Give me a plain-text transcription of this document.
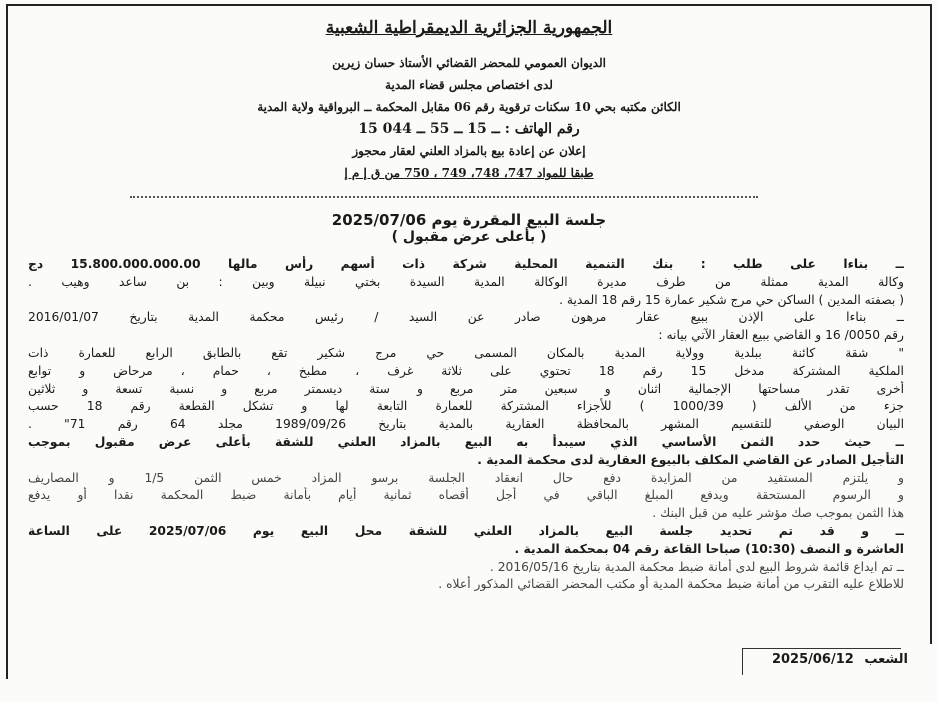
الجمهورية الجزائرية الديمقراطية الشعبية
الديوان العمومي للمحضر القضائي الأستاذ حسان زيرين
لدى اختصاص مجلس قضاء المدية
الكائن مكتبه بحي 10 سكنات ترقوية رقم 06 مقابل المحكمة ــ البرواقية ولاية المدية
رقم الهاتف : 15 ــ 15 ــ 55 ــ 044
إعلان عن إعادة بيع بالمزاد العلني لعقار محجوز
طبقا للمواد 747، 748، 749 ، 750 من ق إ م إ
جلسة البيع المقررة يوم 2025/07/06
( بأعلى عرض مقبول )
ــ بناءا على طلب : بنك التنمية المحلية شركة ذات أسهم رأس مالها 15.800.000.000.00 دج
وكالة المدية ممثلة من طرف مديرة الوكالة المدية السيدة بختي نبيلة وبين : بن ساعد وهيب .
( بصفته المدين ) الساكن حي مرج شكير عمارة 15 رقم 18 المدية .
ــ بناءا على الإذن ببيع عقار مرهون صادر عن السيد / رئيس محكمة المدية بتاريخ 2016/01/07
رقم 0050/ 16 و القاضي ببيع العقار الآتي بيانه :
" شقة كائنة ببلدية وولاية المدية بالمكان المسمى حي مرج شكير تقع بالطابق الرابع للعمارة ذات
الملكية المشتركة مدخل 15 رقم 18 تحتوي على ثلاثة غرف ، مطبخ ، حمام ، مرحاض و توابع
أخرى تقدر مساحتها الإجمالية اثنان و سبعين متر مربع و ستة ديسمتر مربع و نسبة تسعة و ثلاثين
جزء من الألف ( 1000/39 ) للأجزاء المشتركة للعمارة التابعة لها و تشكل القطعة رقم 18 حسب
البيان الوصفي للتقسيم المشهر بالمحافظة العقارية بالمدية بتاريخ 1989/09/26 مجلد 64 رقم 71" .
ــ حيث حدد الثمن الأساسي الذي سيبدأ به البيع بالمزاد العلني للشقة بأعلى عرض مقبول بموجب
التأجيل الصادر عن القاضي المكلف بالبيوع العقارية لدى محكمة المدية .
و يلتزم المستفيد من المزايدة دفع حال انعقاد الجلسة برسو المزاد خمس الثمن 1/5 و المصاريف
و الرسوم المستحقة ويدفع المبلغ الباقي في أجل أقصاه ثمانية أيام بأمانة ضبط المحكمة نقدا أو يدفع
هذا الثمن بموجب صك مؤشر عليه من قبل البنك .
ــ و قد تم تحديد جلسة البيع بالمزاد العلني للشقة محل البيع يوم 2025/07/06 على الساعة
العاشرة و النصف (10:30) صباحا القاعة رقم 04 بمحكمة المدية .
ــ تم ايداع قائمة شروط البيع لدى أمانة ضبط محكمة المدية بتاريخ 2016/05/16 .
للاطلاع عليه التقرب من أمانة ضبط محكمة المدية أو مكتب المحضر القضائي المذكور أعلاه .
الشعب 2025/06/12
